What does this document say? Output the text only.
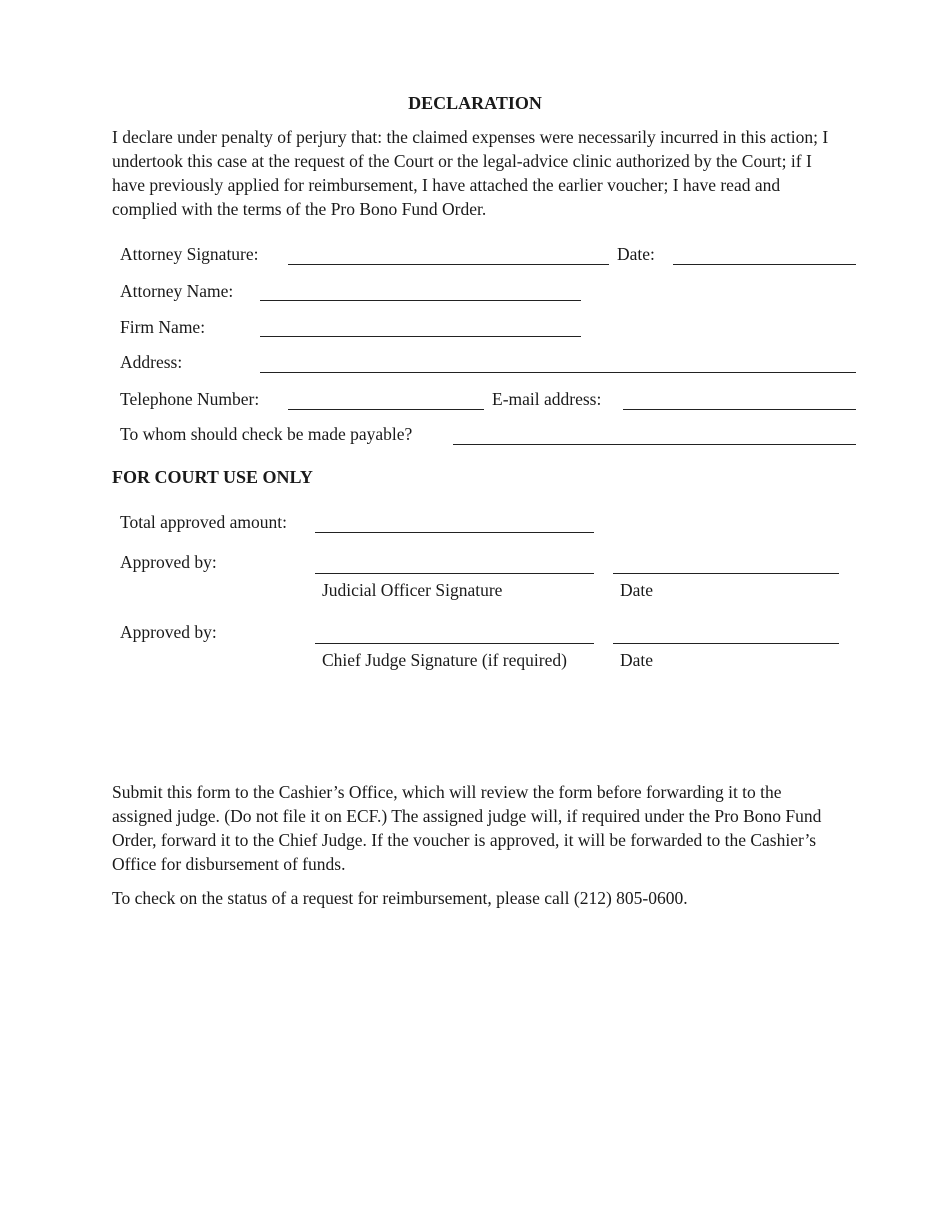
DECLARATION

I declare under penalty of perjury that: the claimed expenses were necessarily incurred in this action; I undertook this case at the request of the Court or the legal-advice clinic authorized by the Court; if I have previously applied for reimbursement, I have attached the earlier voucher; I have read and complied with the terms of the Pro Bono Fund Order.

Attorney Signature:	Date:
Attorney Name:
Firm Name:
Address:
Telephone Number:	E-mail address:
To whom should check be made payable?
FOR COURT USE ONLY
Total approved amount:
Approved by:
Judicial Officer Signature	Date
Approved by:
Chief Judge Signature (if required)	Date

Submit this form to the Cashier’s Office, which will review the form before forwarding it to the assigned judge. (Do not file it on ECF.) The assigned judge will, if required under the Pro Bono Fund Order, forward it to the Chief Judge. If the voucher is approved, it will be forwarded to the Cashier’s Office for disbursement of funds.

To check on the status of a request for reimbursement, please call (212) 805-0600.
